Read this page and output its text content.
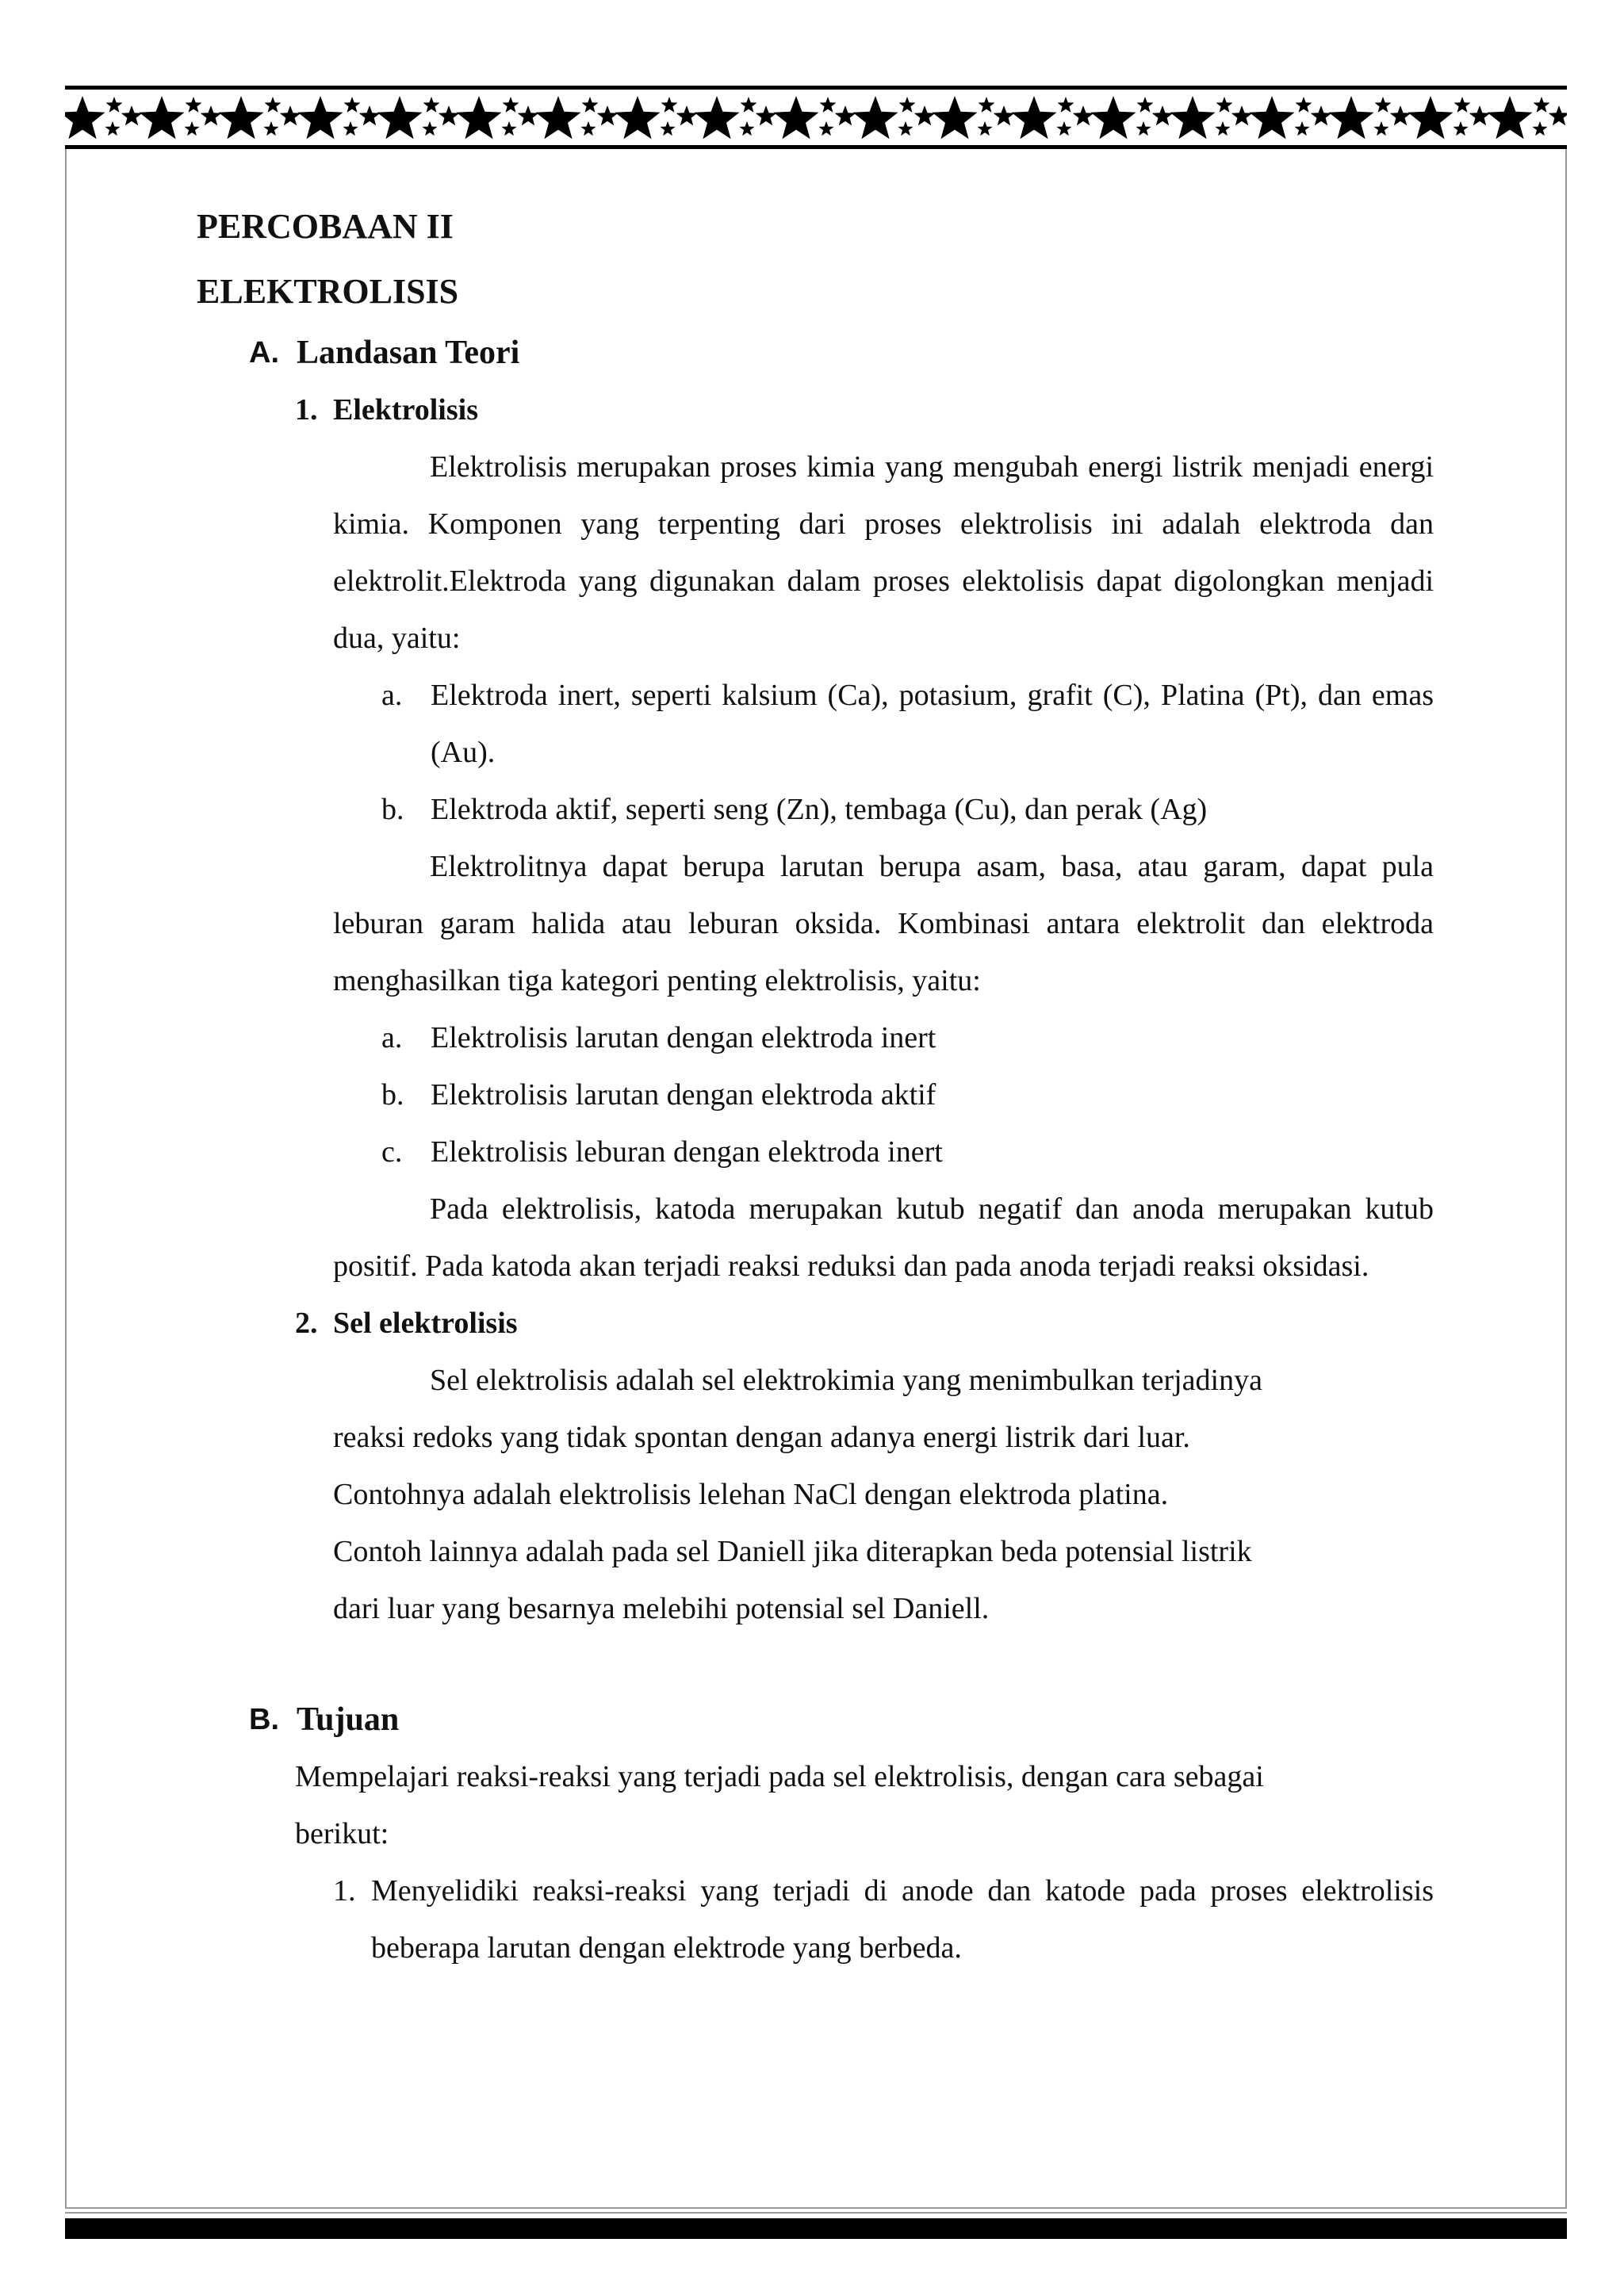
PERCOBAAN II
ELEKTROLISIS
A. Landasan Teori
1. Elektrolisis

Elektrolisis merupakan proses kimia yang mengubah energi listrik menjadi energi kimia. Komponen yang terpenting dari proses elektrolisis ini adalah elektroda dan elektrolit.Elektroda yang digunakan dalam proses elektolisis dapat digolongkan menjadi dua, yaitu:

a. Elektroda inert, seperti kalsium (Ca), potasium, grafit (C), Platina (Pt), dan emas (Au).
b. Elektroda aktif, seperti seng (Zn), tembaga (Cu), dan perak (Ag)

Elektrolitnya dapat berupa larutan berupa asam, basa, atau garam, dapat pula leburan garam halida atau leburan oksida. Kombinasi antara elektrolit dan elektroda menghasilkan tiga kategori penting elektrolisis, yaitu:

a. Elektrolisis larutan dengan elektroda inert
b. Elektrolisis larutan dengan elektroda aktif
c. Elektrolisis leburan dengan elektroda inert

Pada elektrolisis, katoda merupakan kutub negatif dan anoda merupakan kutub positif. Pada katoda akan terjadi reaksi reduksi dan pada anoda terjadi reaksi oksidasi.

2. Sel elektrolisis
Sel elektrolisis adalah sel elektrokimia yang menimbulkan terjadinya
reaksi redoks yang tidak spontan dengan adanya energi listrik dari luar.
Contohnya adalah elektrolisis lelehan NaCl dengan elektroda platina.
Contoh lainnya adalah pada sel Daniell jika diterapkan beda potensial listrik
dari luar yang besarnya melebihi potensial sel Daniell.
B. Tujuan
Mempelajari reaksi-reaksi yang terjadi pada sel elektrolisis, dengan cara sebagai
berikut:
1. Menyelidiki reaksi-reaksi yang terjadi di anode dan katode pada proses elektrolisis beberapa larutan dengan elektrode yang berbeda.
